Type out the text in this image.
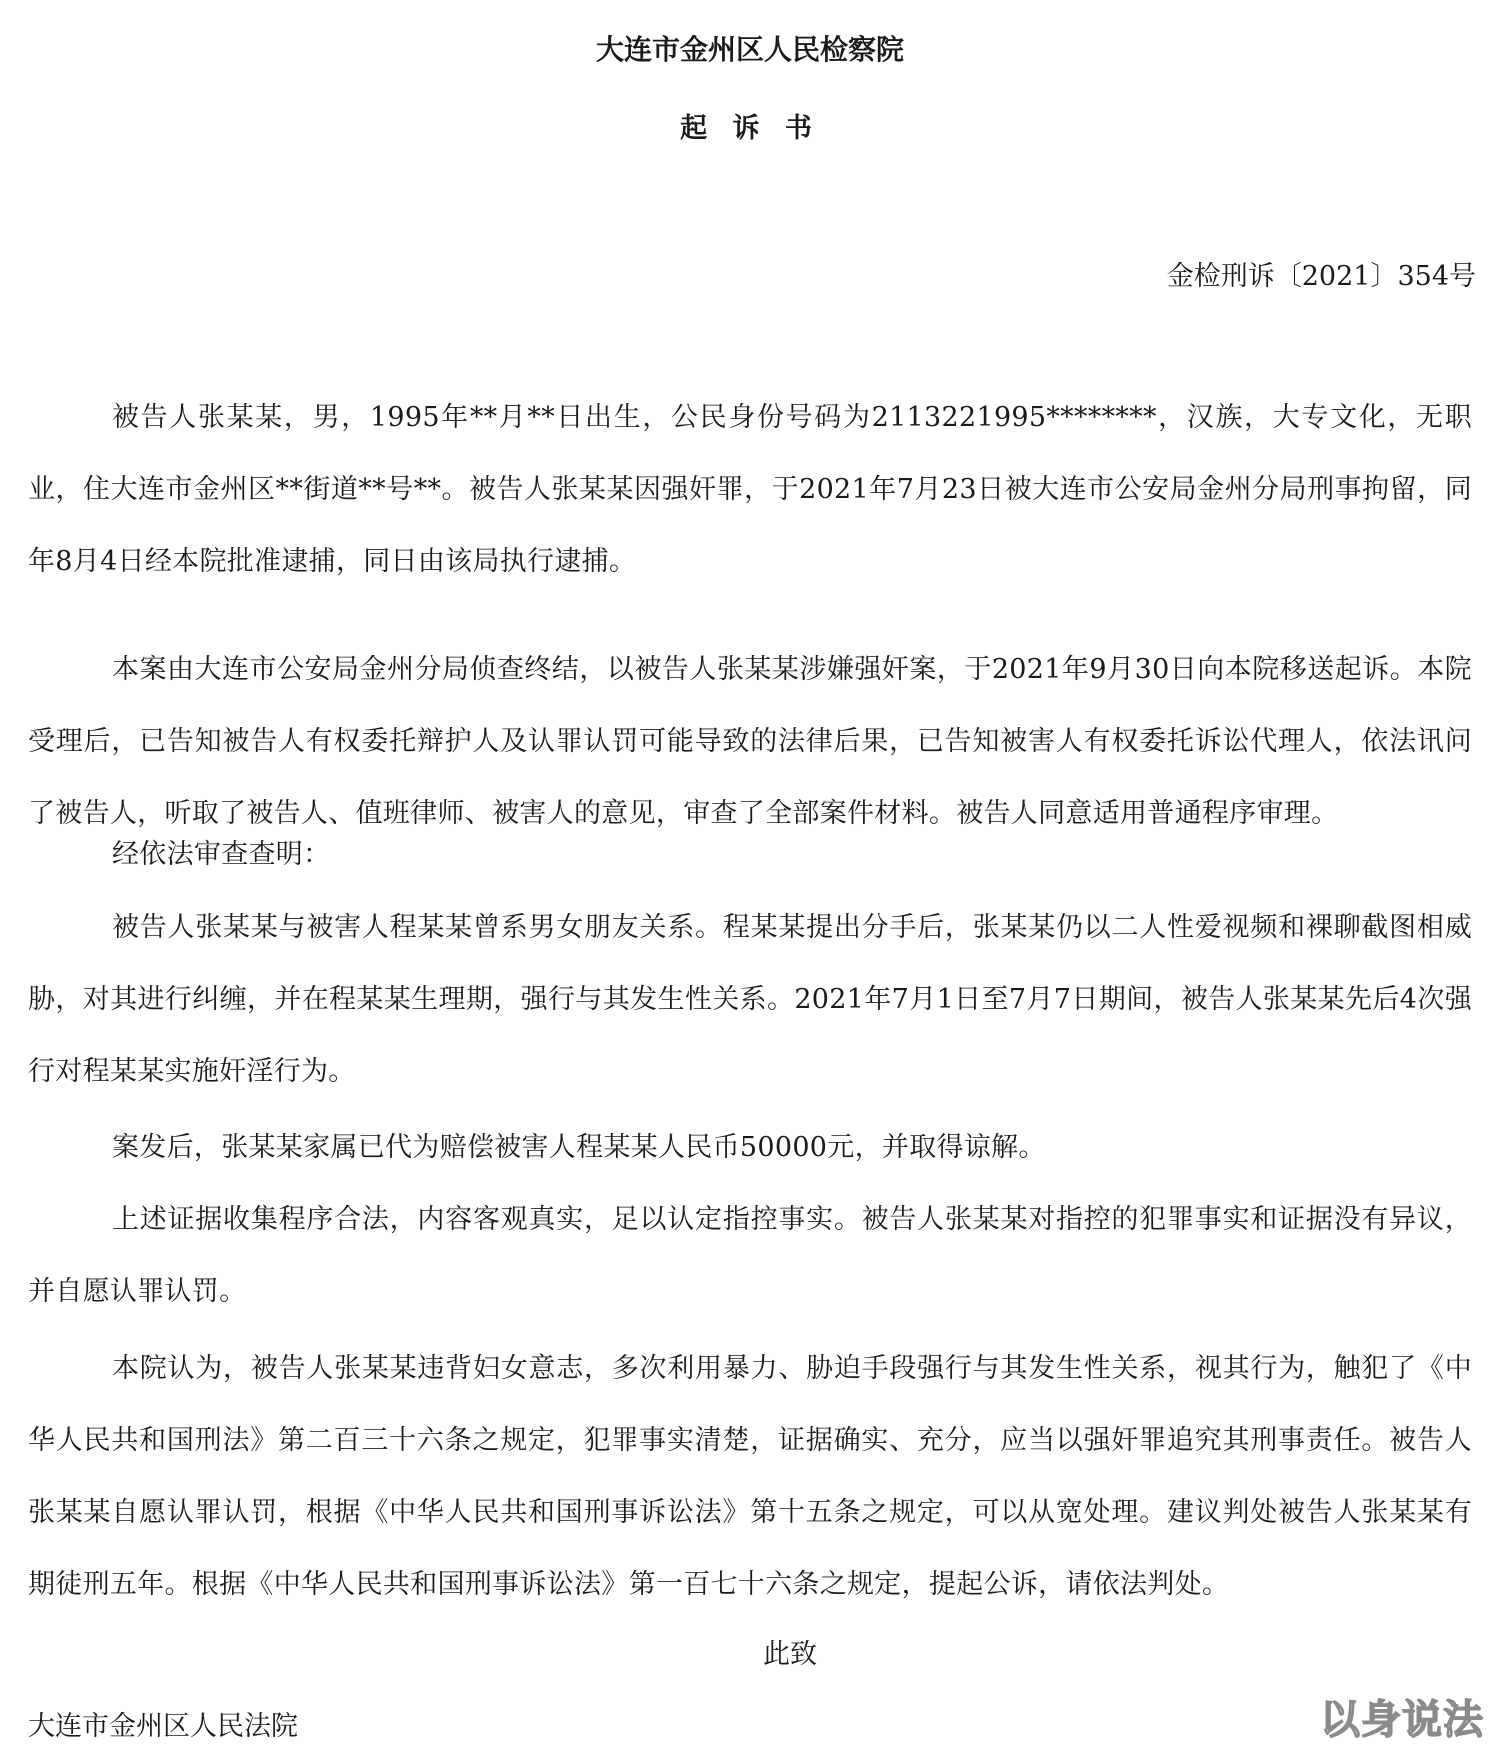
大连市金州区人民检察院
起 诉 书

金检刑诉〔2021〕354号

被告人张某某，男，1995年**月**日出生，公民身份号码为2113221995********，汉族，大专文化，无职业，住大连市金州区**街道**号**。被告人张某某因强奸罪，于2021年7月23日被大连市公安局金州分局刑事拘留，同年8月4日经本院批准逮捕，同日由该局执行逮捕。

本案由大连市公安局金州分局侦查终结，以被告人张某某涉嫌强奸案，于2021年9月30日向本院移送起诉。本院受理后，已告知被告人有权委托辩护人及认罪认罚可能导致的法律后果，已告知被害人有权委托诉讼代理人，依法讯问了被告人，听取了被告人、值班律师、被害人的意见，审查了全部案件材料。被告人同意适用普通程序审理。

经依法审查查明：

被告人张某某与被害人程某某曾系男女朋友关系。程某某提出分手后，张某某仍以二人性爱视频和裸聊截图相威胁，对其进行纠缠，并在程某某生理期，强行与其发生性关系。2021年7月1日至7月7日期间，被告人张某某先后4次强行对程某某实施奸淫行为。

案发后，张某某家属已代为赔偿被害人程某某人民币50000元，并取得谅解。

上述证据收集程序合法，内容客观真实，足以认定指控事实。被告人张某某对指控的犯罪事实和证据没有异议，并自愿认罪认罚。

本院认为，被告人张某某违背妇女意志，多次利用暴力、胁迫手段强行与其发生性关系，视其行为，触犯了《中华人民共和国刑法》第二百三十六条之规定，犯罪事实清楚，证据确实、充分，应当以强奸罪追究其刑事责任。被告人张某某自愿认罪认罚，根据《中华人民共和国刑事诉讼法》第十五条之规定，可以从宽处理。建议判处被告人张某某有期徒刑五年。根据《中华人民共和国刑事诉讼法》第一百七十六条之规定，提起公诉，请依法判处。

此致

大连市金州区人民法院	以身说法
